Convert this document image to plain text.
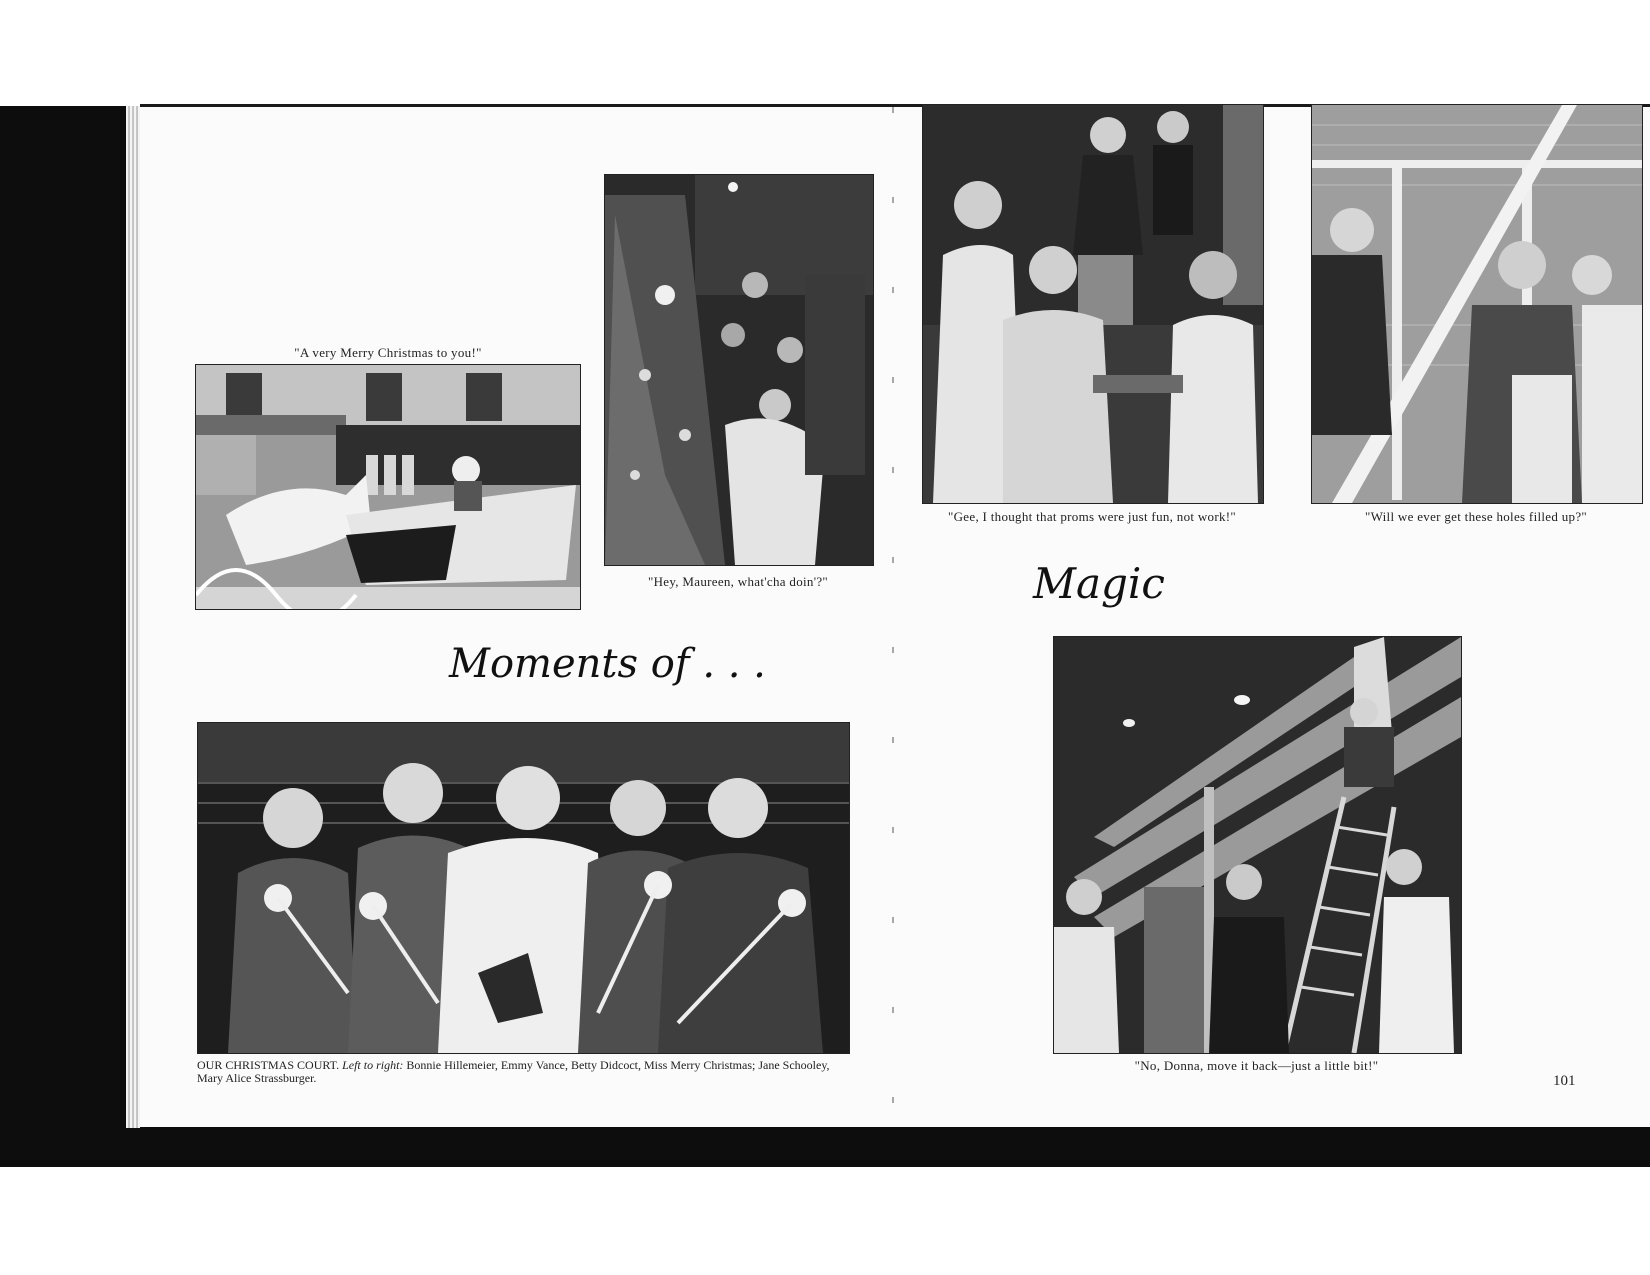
"A very Merry Christmas to you!"
"Hey, Maureen, what'cha doin'?"
Moments of . . .
OUR CHRISTMAS COURT. Left to right: Bonnie Hillemeier, Emmy Vance, Betty Didcoct, Miss Merry Christmas; Jane Schooley, Mary Alice Strassburger.
"Gee, I thought that proms were just fun, not work!"	"Will we ever get these holes filled up?"
Magic
"No, Donna, move it back—just a little bit!"
101
